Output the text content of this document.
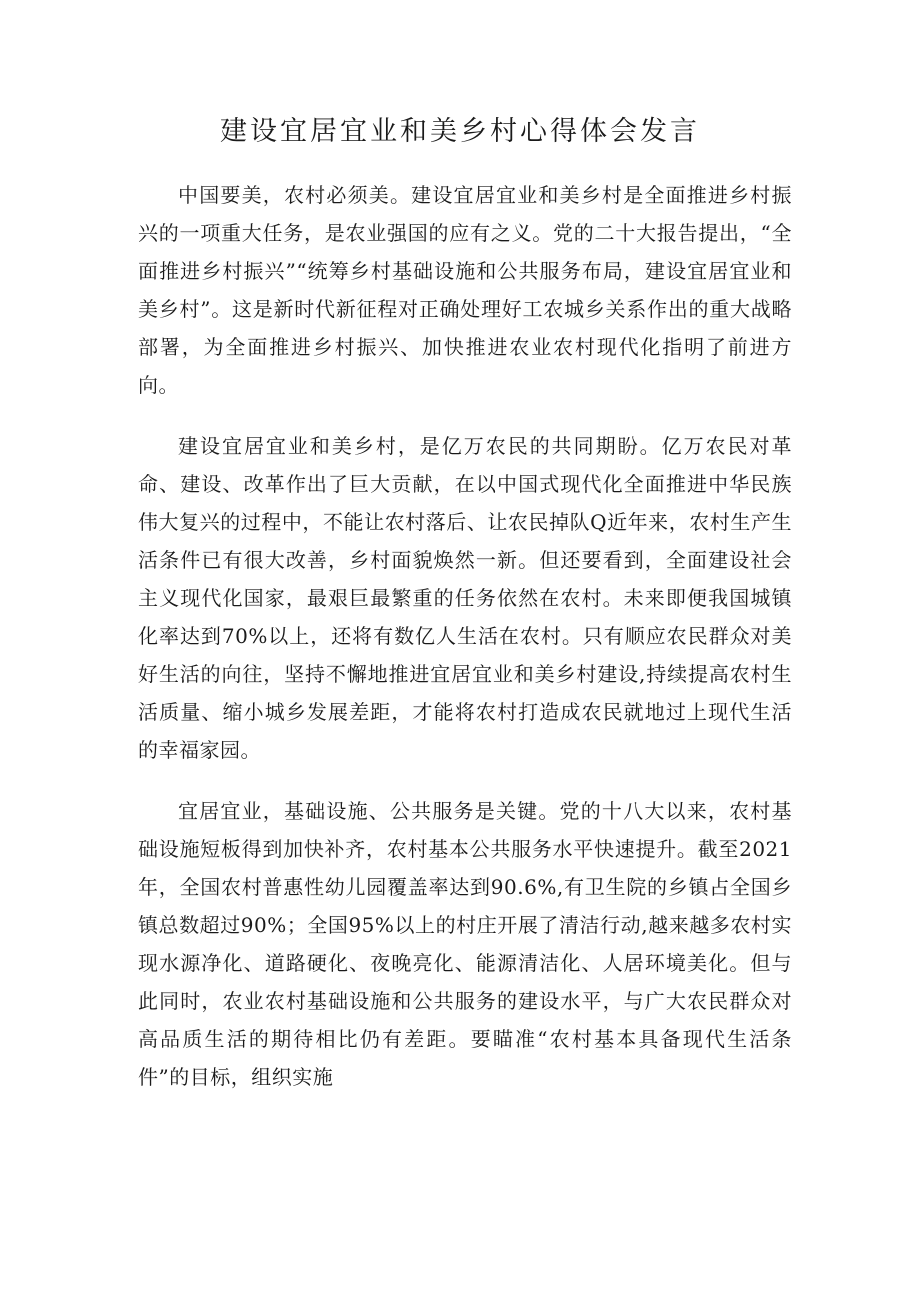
建设宜居宜业和美乡村心得体会发言

中国要美，农村必须美。建设宜居宜业和美乡村是全面推进乡村振兴的一项重大任务，是农业强国的应有之义。党的二十大报告提出，“全面推进乡村振兴”“统筹乡村基础设施和公共服务布局，建设宜居宜业和美乡村”。这是新时代新征程对正确处理好工农城乡关系作出的重大战略部署，为全面推进乡村振兴、加快推进农业农村现代化指明了前进方向。

建设宜居宜业和美乡村，是亿万农民的共同期盼。亿万农民对革命、建设、改革作出了巨大贡献，在以中国式现代化全面推进中华民族伟大复兴的过程中，不能让农村落后、让农民掉队Q近年来，农村生产生活条件已有很大改善，乡村面貌焕然一新。但还要看到，全面建设社会主义现代化国家，最艰巨最繁重的任务依然在农村。未来即便我国城镇化率达到70%以上，还将有数亿人生活在农村。只有顺应农民群众对美好生活的向往，坚持不懈地推进宜居宜业和美乡村建设,持续提高农村生活质量、缩小城乡发展差距，才能将农村打造成农民就地过上现代生活的幸福家园。

宜居宜业，基础设施、公共服务是关键。党的十八大以来，农村基础设施短板得到加快补齐，农村基本公共服务水平快速提升。截至2021年，全国农村普惠性幼儿园覆盖率达到90.6%,有卫生院的乡镇占全国乡镇总数超过90%；全国95%以上的村庄开展了清洁行动,越来越多农村实现水源净化、道路硬化、夜晚亮化、能源清洁化、人居环境美化。但与此同时，农业农村基础设施和公共服务的建设水平，与广大农民群众对高品质生活的期待相比仍有差距。要瞄准“农村基本具备现代生活条件”的目标，组织实施
